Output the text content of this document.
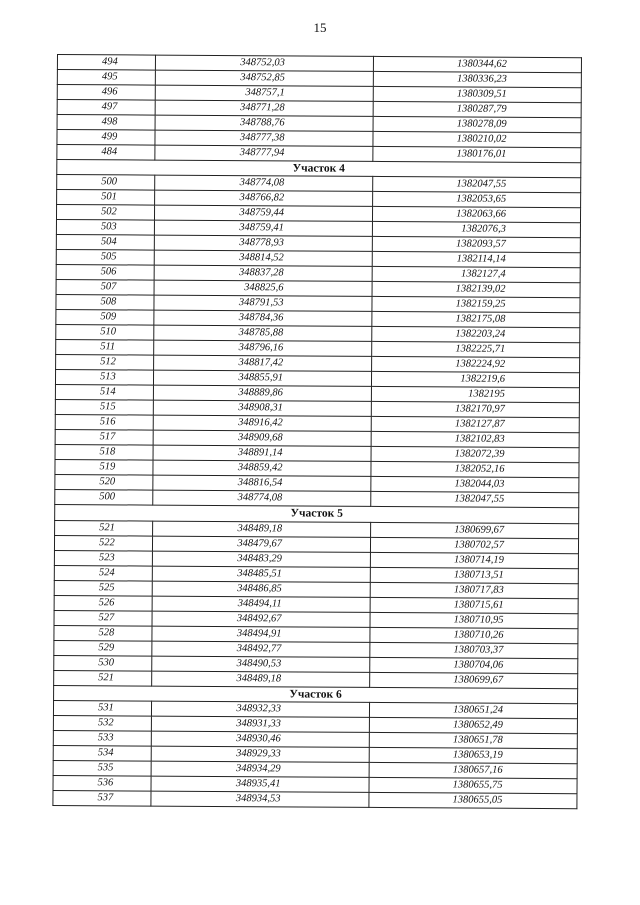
15
494	348752,03	1380344,62
495	348752,85	1380336,23
496	348757,1	1380309,51
497	348771,28	1380287,79
498	348788,76	1380278,09
499	348777,38	1380210,02
484	348777,94	1380176,01
Участок 4		
500	348774,08	1382047,55
501	348766,82	1382053,65
502	348759,44	1382063,66
503	348759,41	1382076,3
504	348778,93	1382093,57
505	348814,52	1382114,14
506	348837,28	1382127,4
507	348825,6	1382139,02
508	348791,53	1382159,25
509	348784,36	1382175,08
510	348785,88	1382203,24
511	348796,16	1382225,71
512	348817,42	1382224,92
513	348855,91	1382219,6
514	348889,86	1382195
515	348908,31	1382170,97
516	348916,42	1382127,87
517	348909,68	1382102,83
518	348891,14	1382072,39
519	348859,42	1382052,16
520	348816,54	1382044,03
500	348774,08	1382047,55
Участок 5		
521	348489,18	1380699,67
522	348479,67	1380702,57
523	348483,29	1380714,19
524	348485,51	1380713,51
525	348486,85	1380717,83
526	348494,11	1380715,61
527	348492,67	1380710,95
528	348494,91	1380710,26
529	348492,77	1380703,37
530	348490,53	1380704,06
521	348489,18	1380699,67
Участок 6		
531	348932,33	1380651,24
532	348931,33	1380652,49
533	348930,46	1380651,78
534	348929,33	1380653,19
535	348934,29	1380657,16
536	348935,41	1380655,75
537	348934,53	1380655,05
